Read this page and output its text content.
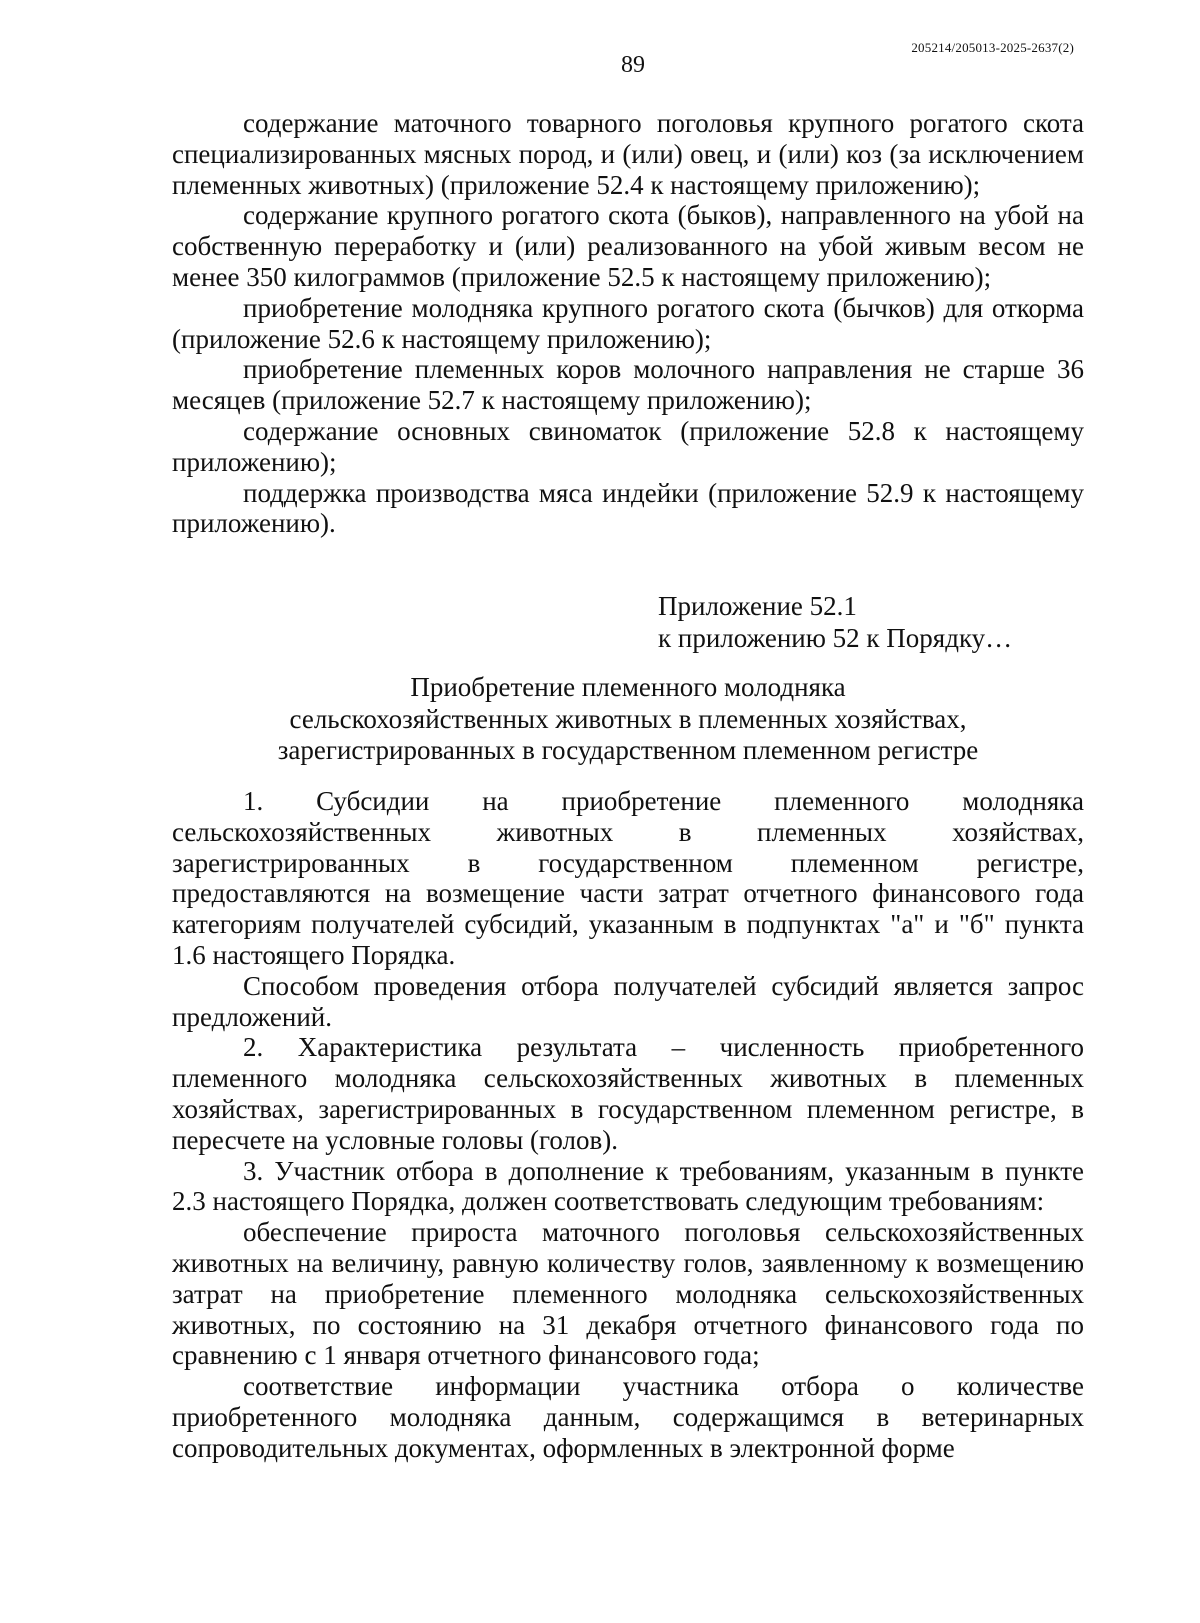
89
205214/205013-2025-2637(2)

содержание маточного товарного поголовья крупного рогатого скота специализированных мясных пород, и (или) овец, и (или) коз (за исключением племенных животных) (приложение 52.4 к настоящему приложению);

содержание крупного рогатого скота (быков), направленного на убой на собственную переработку и (или) реализованного на убой живым весом не менее 350 килограммов (приложение 52.5 к настоящему приложению);

приобретение молодняка крупного рогатого скота (бычков) для откорма (приложение 52.6 к настоящему приложению);

приобретение племенных коров молочного направления не старше 36 месяцев (приложение 52.7 к настоящему приложению);

содержание основных свиноматок (приложение 52.8 к настоящему приложению);

поддержка производства мяса индейки (приложение 52.9 к настоящему приложению).

Приложение 52.1
к приложению 52 к Порядку…
Приобретение племенного молодняка
сельскохозяйственных животных в племенных хозяйствах,
зарегистрированных в государственном племенном регистре

1. Субсидии на приобретение племенного молодняка сельскохозяйственных животных в племенных хозяйствах, зарегистрированных в государственном племенном регистре, предоставляются на возмещение части затрат отчетного финансового года категориям получателей субсидий, указанным в подпунктах "а" и "б" пункта 1.6 настоящего Порядка.

Способом проведения отбора получателей субсидий является запрос предложений.

2. Характеристика результата – численность приобретенного племенного молодняка сельскохозяйственных животных в племенных хозяйствах, зарегистрированных в государственном племенном регистре, в пересчете на условные головы (голов).

3. Участник отбора в дополнение к требованиям, указанным в пункте 2.3 настоящего Порядка, должен соответствовать следующим требованиям:

обеспечение прироста маточного поголовья сельскохозяйственных животных на величину, равную количеству голов, заявленному к возмещению затрат на приобретение племенного молодняка сельскохозяйственных животных, по состоянию на 31 декабря отчетного финансового года по сравнению с 1 января отчетного финансового года;

соответствие информации участника отбора о количестве приобретенного молодняка данным, содержащимся в ветеринарных сопроводительных документах, оформленных в электронной форме
